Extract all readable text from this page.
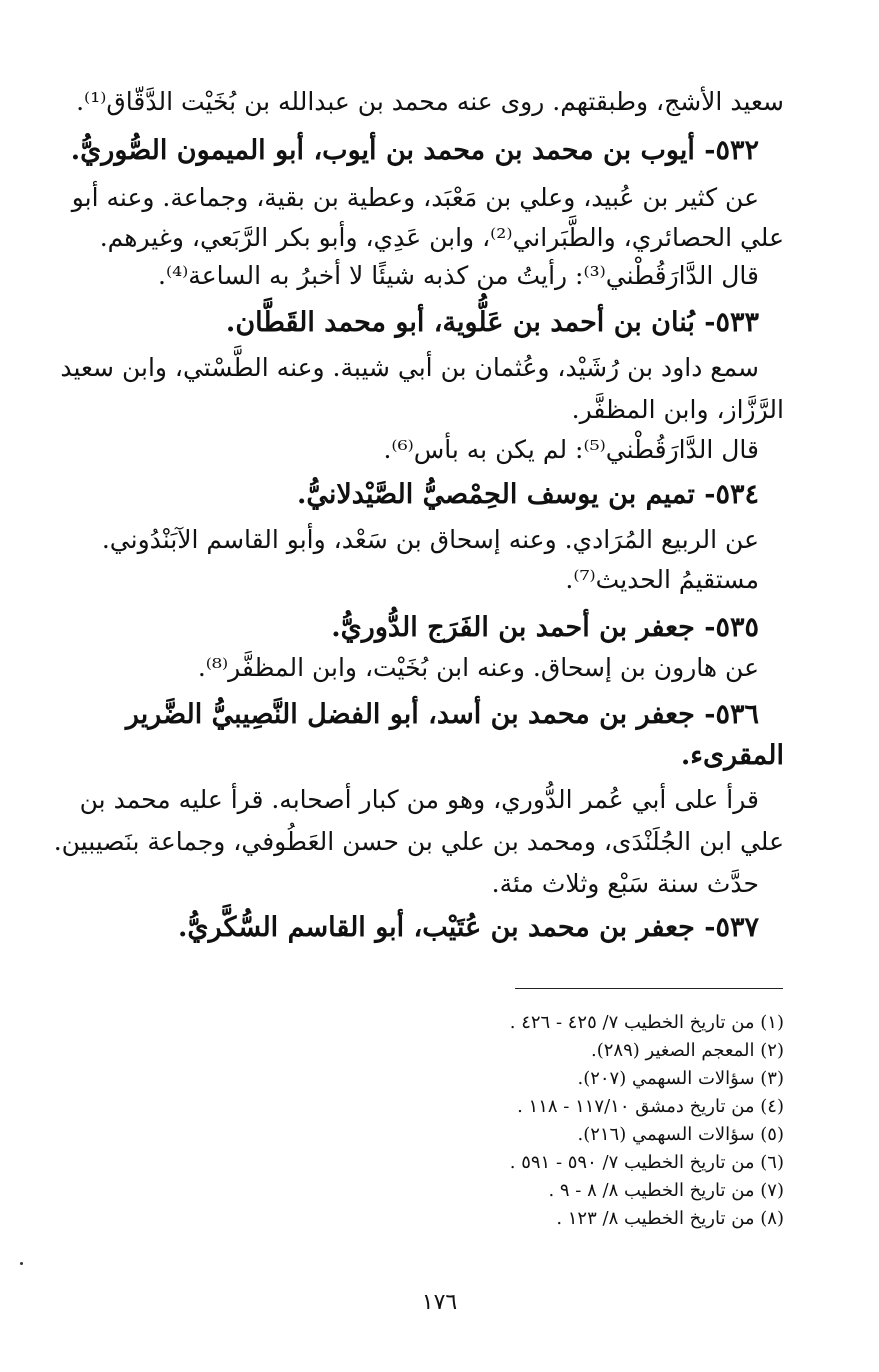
سعيد الأشج، وطبقتهم. روى عنه محمد بن عبدالله بن بُخَيْت الدَّقّاق⁽¹⁾.
٥٣٢- أيوب بن محمد بن محمد بن أيوب، أبو الميمون الصُّوريُّ.
عن كثير بن عُبيد، وعلي بن مَعْبَد، وعطية بن بقية، وجماعة. وعنه أبو
علي الحصائري، والطَّبَراني⁽²⁾، وابن عَدِي، وأبو بكر الرَّبَعي، وغيرهم.
قال الدَّارَقُطْني⁽³⁾: رأيتُ من كذبه شيئًا لا أخبرُ به الساعة⁽⁴⁾.
٥٣٣- بُنان بن أحمد بن عَلُّوية، أبو محمد القَطَّان.
سمع داود بن رُشَيْد، وعُثمان بن أبي شيبة. وعنه الطَّسْتي، وابن سعيد
الرَّزَّاز، وابن المظفَّر.
قال الدَّارَقُطْني⁽⁵⁾: لم يكن به بأس⁽⁶⁾.
٥٣٤- تميم بن يوسف الحِمْصيُّ الصَّيْدلانيُّ.
عن الربيع المُرَادي. وعنه إسحاق بن سَعْد، وأبو القاسم الآبَنْدُوني.
مستقيمُ الحديث⁽⁷⁾.
٥٣٥- جعفر بن أحمد بن الفَرَج الدُّوريُّ.
عن هارون بن إسحاق. وعنه ابن بُخَيْت، وابن المظفَّر⁽⁸⁾.
٥٣٦- جعفر بن محمد بن أسد، أبو الفضل النَّصِيبيُّ الضَّرير
المقرىء.
قرأ على أبي عُمر الدُّوري، وهو من كبار أصحابه. قرأ عليه محمد بن
علي ابن الجُلَنْدَى، ومحمد بن علي بن حسن العَطُوفي، وجماعة بنَصيبين.
حدَّث سنة سَبْع وثلاث مئة.
٥٣٧- جعفر بن محمد بن عُتَيْب، أبو القاسم السُّكَّريُّ.
(١) من تاريخ الخطيب ٧/ ٤٢٥ - ٤٢٦ .
(٢) المعجم الصغير (٢٨٩).
(٣) سؤالات السهمي (٢٠٧).
(٤) من تاريخ دمشق ١١٧/١٠ - ١١٨ .
(٥) سؤالات السهمي (٢١٦).
(٦) من تاريخ الخطيب ٧/ ٥٩٠ - ٥٩١ .
(٧) من تاريخ الخطيب ٨/ ٨ - ٩ .
(٨) من تاريخ الخطيب ٨/ ١٢٣ .
١٧٦
